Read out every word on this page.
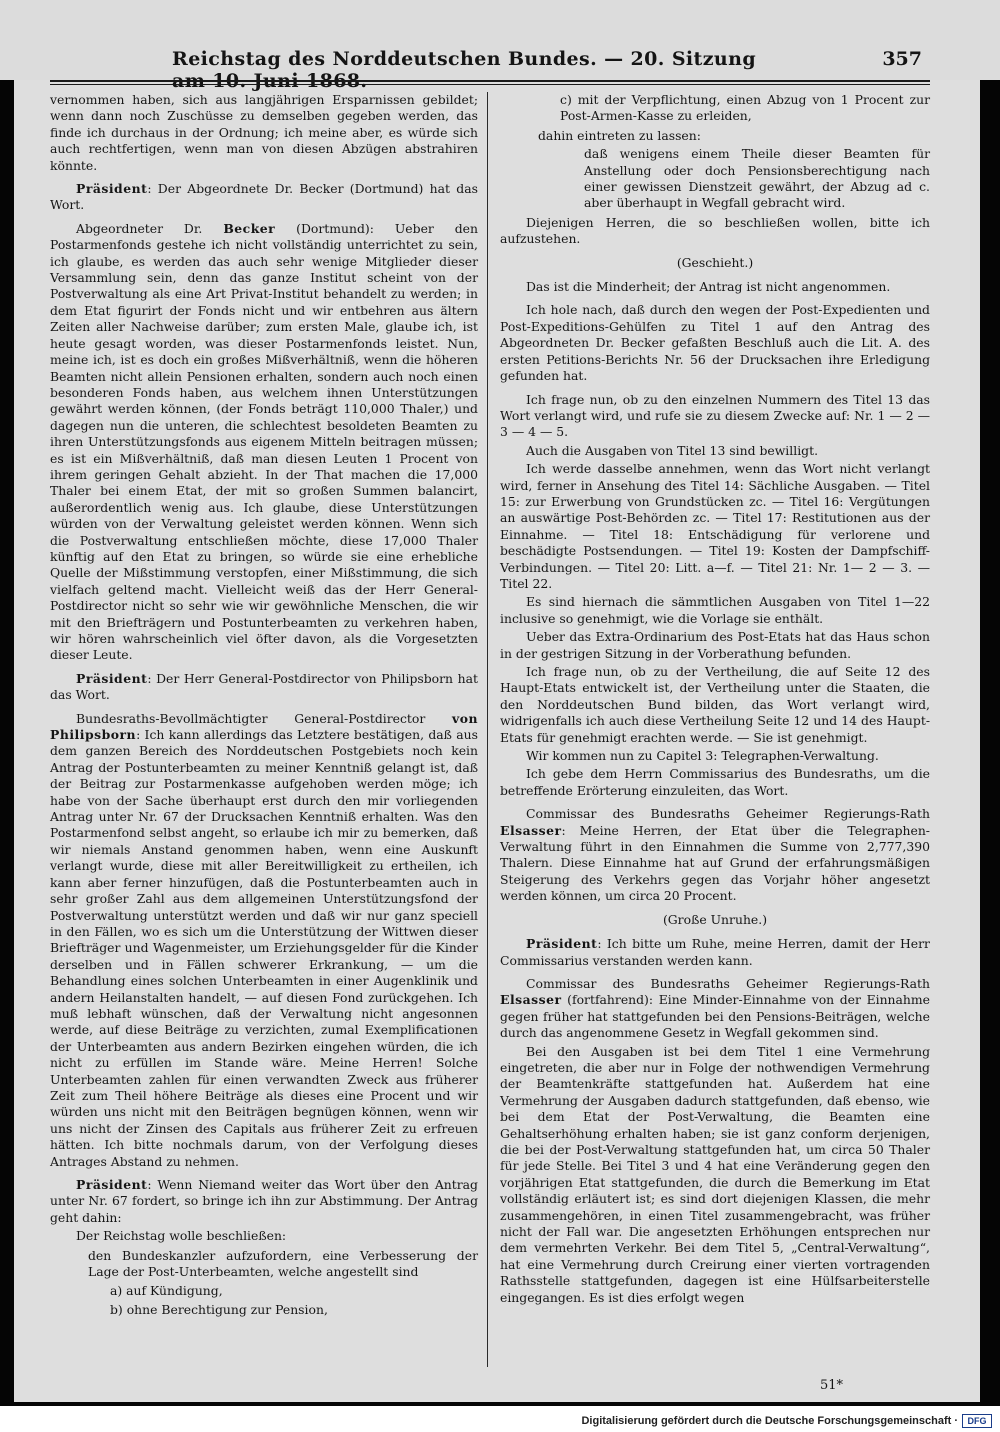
Reichstag des Norddeutschen Bundes. — 20. Sitzung	357

vernommen haben, sich aus langjährigen Ersparnissen gebildet; wenn dann noch Zuschüsse zu demselben gegeben werden, das finde ich durchaus in der Ordnung; ich meine aber, es würde sich auch rechtfertigen, wenn man von diesen Abzügen abstrahiren könnte.

Präsident: Der Abgeordnete Dr. Becker (Dortmund) hat das Wort.

Abgeordneter Dr. Becker (Dortmund): Ueber den Postarmenfonds gestehe ich nicht vollständig unterrichtet zu sein, ich glaube, es werden das auch sehr wenige Mitglieder dieser Versammlung sein, denn das ganze Institut scheint von der Postverwaltung als eine Art Privat-Institut behandelt zu werden; in dem Etat figurirt der Fonds nicht und wir entbehren aus ältern Zeiten aller Nachweise darüber; zum ersten Male, glaube ich, ist heute gesagt worden, was dieser Postarmenfonds leistet. Nun, meine ich, ist es doch ein großes Mißverhältniß, wenn die höheren Beamten nicht allein Pensionen erhalten, sondern auch noch einen besonderen Fonds haben, aus welchem ihnen Unterstützungen gewährt werden können, (der Fonds beträgt 110,000 Thaler,) und dagegen nun die unteren, die schlechtest besoldeten Beamten zu ihren Unterstützungsfonds aus eigenem Mitteln beitragen müssen; es ist ein Mißverhältniß, daß man diesen Leuten 1 Procent von ihrem geringen Gehalt abzieht. In der That machen die 17,000 Thaler bei einem Etat, der mit so großen Summen balancirt, außerordentlich wenig aus. Ich glaube, diese Unterstützungen würden von der Verwaltung geleistet werden können. Wenn sich die Postverwaltung entschließen möchte, diese 17,000 Thaler künftig auf den Etat zu bringen, so würde sie eine erhebliche Quelle der Mißstimmung verstopfen, einer Mißstimmung, die sich vielfach geltend macht. Vielleicht weiß das der Herr General-Postdirector nicht so sehr wie wir gewöhnliche Menschen, die wir mit den Briefträgern und Postunterbeamten zu verkehren haben, wir hören wahrscheinlich viel öfter davon, als die Vorgesetzten dieser Leute.

Präsident: Der Herr General-Postdirector von Philipsborn hat das Wort.

Bundesraths-Bevollmächtigter General-Postdirector von Philipsborn: Ich kann allerdings das Letztere bestätigen, daß aus dem ganzen Bereich des Norddeutschen Postgebiets noch kein Antrag der Postunterbeamten zu meiner Kenntniß gelangt ist, daß der Beitrag zur Postarmenkasse aufgehoben werden möge; ich habe von der Sache überhaupt erst durch den mir vorliegenden Antrag unter Nr. 67 der Drucksachen Kenntniß erhalten. Was den Postarmenfond selbst angeht, so erlaube ich mir zu bemerken, daß wir niemals Anstand genommen haben, wenn eine Auskunft verlangt wurde, diese mit aller Bereitwilligkeit zu ertheilen, ich kann aber ferner hinzufügen, daß die Postunterbeamten auch in sehr großer Zahl aus dem allgemeinen Unterstützungsfond der Postverwaltung unterstützt werden und daß wir nur ganz speciell in den Fällen, wo es sich um die Unterstützung der Wittwen dieser Briefträger und Wagenmeister, um Erziehungsgelder für die Kinder derselben und in Fällen schwerer Erkrankung, — um die Behandlung eines solchen Unterbeamten in einer Augenklinik und andern Heilanstalten handelt, — auf diesen Fond zurückgehen. Ich muß lebhaft wünschen, daß der Verwaltung nicht angesonnen werde, auf diese Beiträge zu verzichten, zumal Exemplificationen der Unterbeamten aus andern Bezirken eingehen würden, die ich nicht zu erfüllen im Stande wäre. Meine Herren! Solche Unterbeamten zahlen für einen verwandten Zweck aus früherer Zeit zum Theil höhere Beiträge als dieses eine Procent und wir würden uns nicht mit den Beiträgen begnügen können, wenn wir uns nicht der Zinsen des Capitals aus früherer Zeit zu erfreuen hätten. Ich bitte nochmals darum, von der Verfolgung dieses Antrages Abstand zu nehmen.

Präsident: Wenn Niemand weiter das Wort über den Antrag unter Nr. 67 fordert, so bringe ich ihn zur Abstimmung. Der Antrag geht dahin:

Der Reichstag wolle beschließen:

den Bundeskanzler aufzufordern, eine Verbesserung der Lage der Post-Unterbeamten, welche angestellt sind

a) auf Kündigung,

b) ohne Berechtigung zur Pension,

c) mit der Verpflichtung, einen Abzug von 1 Procent zur Post-Armen-Kasse zu erleiden,

dahin eintreten zu lassen:

daß wenigens einem Theile dieser Beamten für Anstellung oder doch Pensionsberechtigung nach einer gewissen Dienstzeit gewährt, der Abzug ad c. aber überhaupt in Wegfall gebracht wird.

Diejenigen Herren, die so beschließen wollen, bitte ich aufzustehen.

(Geschieht.)

Das ist die Minderheit; der Antrag ist nicht angenommen.

Ich hole nach, daß durch den wegen der Post-Expedienten und Post-Expeditions-Gehülfen zu Titel 1 auf den Antrag des Abgeordneten Dr. Becker gefaßten Beschluß auch die Lit. A. des ersten Petitions-Berichts Nr. 56 der Drucksachen ihre Erledigung gefunden hat.

Ich frage nun, ob zu den einzelnen Nummern des Titel 13 das Wort verlangt wird, und rufe sie zu diesem Zwecke auf: Nr. 1 — 2 — 3 — 4 — 5.

Auch die Ausgaben von Titel 13 sind bewilligt.

Ich werde dasselbe annehmen, wenn das Wort nicht verlangt wird, ferner in Ansehung des Titel 14: Sächliche Ausgaben. — Titel 15: zur Erwerbung von Grundstücken zc. — Titel 16: Vergütungen an auswärtige Post-Behörden zc. — Titel 17: Restitutionen aus der Einnahme. — Titel 18: Entschädigung für verlorene und beschädigte Postsendungen. — Titel 19: Kosten der Dampfschiff-Verbindungen. — Titel 20: Litt. a—f. — Titel 21: Nr. 1— 2 — 3. — Titel 22.

Es sind hiernach die sämmtlichen Ausgaben von Titel 1—22 inclusive so genehmigt, wie die Vorlage sie enthält.

Ueber das Extra-Ordinarium des Post-Etats hat das Haus schon in der gestrigen Sitzung in der Vorberathung befunden.

Ich frage nun, ob zu der Vertheilung, die auf Seite 12 des Haupt-Etats entwickelt ist, der Vertheilung unter die Staaten, die den Norddeutschen Bund bilden, das Wort verlangt wird, widrigenfalls ich auch diese Vertheilung Seite 12 und 14 des Haupt-Etats für genehmigt erachten werde. — Sie ist genehmigt.

Wir kommen nun zu Capitel 3: Telegraphen-Verwaltung.

Ich gebe dem Herrn Commissarius des Bundesraths, um die betreffende Erörterung einzuleiten, das Wort.

Commissar des Bundesraths Geheimer Regierungs-Rath Elsasser: Meine Herren, der Etat über die Telegraphen-Verwaltung führt in den Einnahmen die Summe von 2,777,390 Thalern. Diese Einnahme hat auf Grund der erfahrungsmäßigen Steigerung des Verkehrs gegen das Vorjahr höher angesetzt werden können, um circa 20 Procent.

(Große Unruhe.)

Präsident: Ich bitte um Ruhe, meine Herren, damit der Herr Commissarius verstanden werden kann.

Commissar des Bundesraths Geheimer Regierungs-Rath Elsasser (fortfahrend): Eine Minder-Einnahme von der Einnahme gegen früher hat stattgefunden bei den Pensions-Beiträgen, welche durch das angenommene Gesetz in Wegfall gekommen sind.

Bei den Ausgaben ist bei dem Titel 1 eine Vermehrung eingetreten, die aber nur in Folge der nothwendigen Vermehrung der Beamtenkräfte stattgefunden hat. Außerdem hat eine Vermehrung der Ausgaben dadurch stattgefunden, daß ebenso, wie bei dem Etat der Post-Verwaltung, die Beamten eine Gehaltserhöhung erhalten haben; sie ist ganz conform derjenigen, die bei der Post-Verwaltung stattgefunden hat, um circa 50 Thaler für jede Stelle. Bei Titel 3 und 4 hat eine Veränderung gegen den vorjährigen Etat stattgefunden, die durch die Bemerkung im Etat vollständig erläutert ist; es sind dort diejenigen Klassen, die mehr zusammengehören, in einen Titel zusammengebracht, was früher nicht der Fall war. Die angesetzten Erhöhungen entsprechen nur dem vermehrten Verkehr. Bei dem Titel 5, „Central-Verwaltung“, hat eine Vermehrung durch Creirung einer vierten vortragenden Rathsstelle stattgefunden, dagegen ist eine Hülfsarbeiterstelle eingegangen. Es ist dies erfolgt wegen

51*
Digitalisierung gefördert durch die Deutsche Forschungsgemeinschaft ·	DFG
